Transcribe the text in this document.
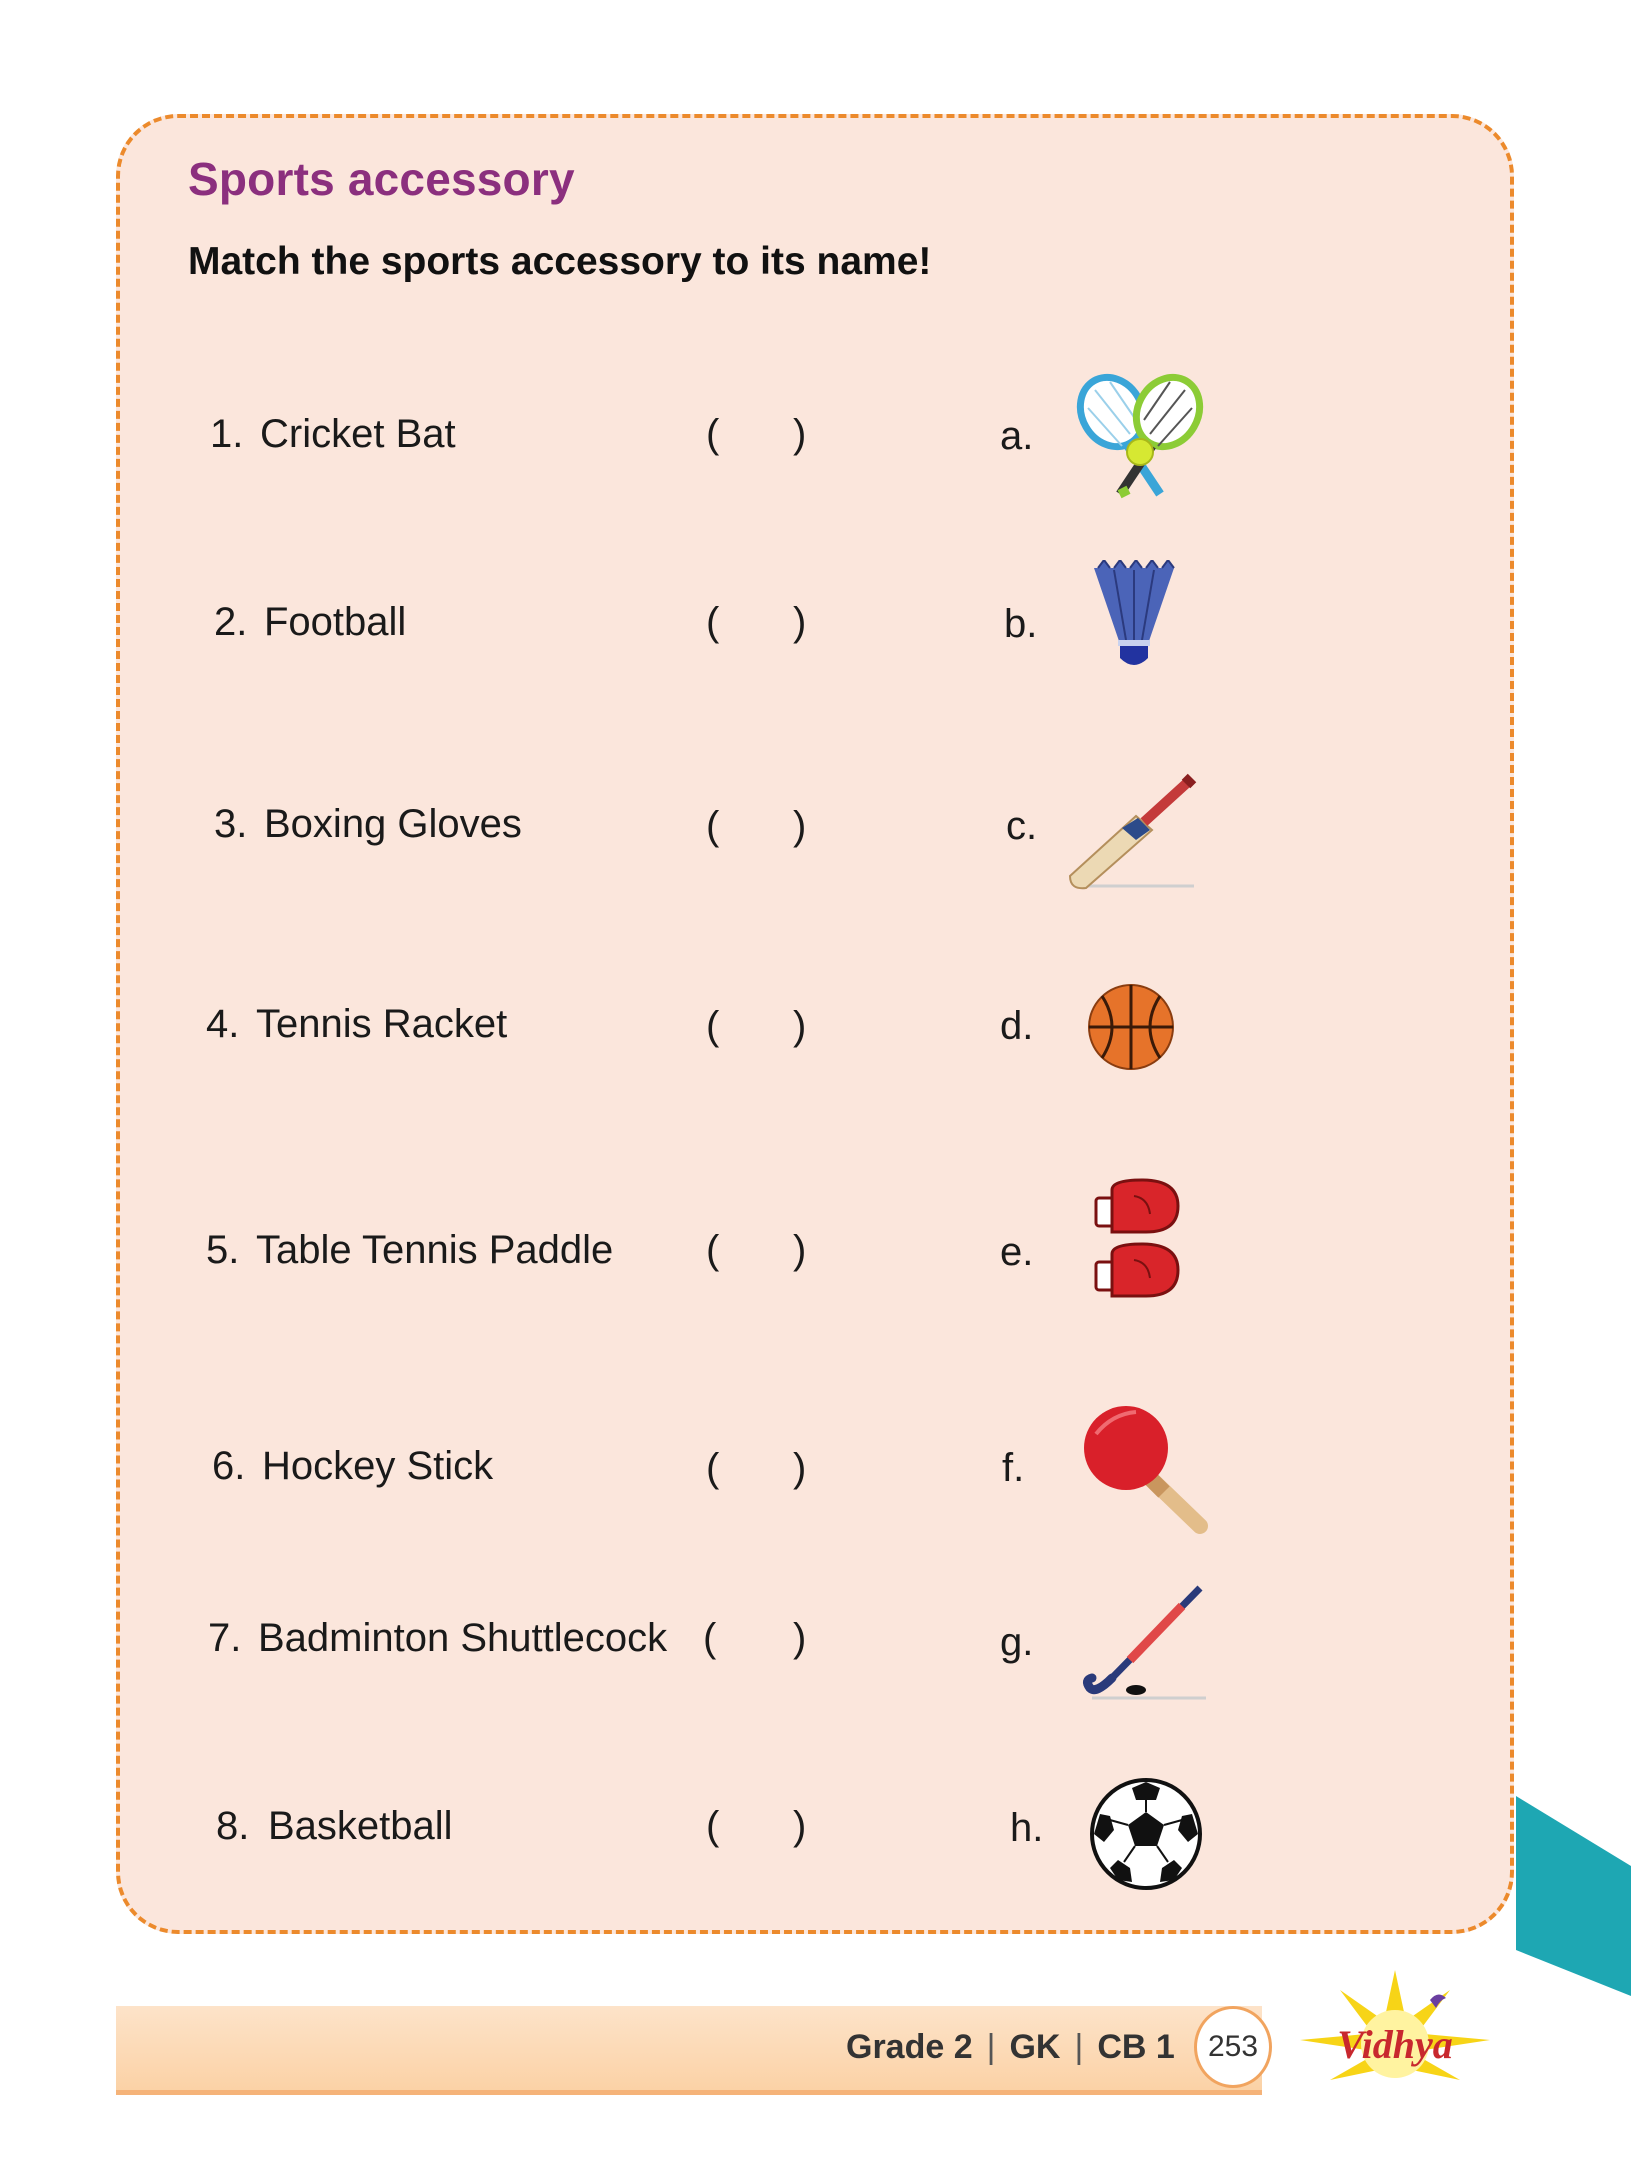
Sports accessory
Match the sports accessory to its name!
1. Cricket Bat	( )	a.
2. Football	( )	b.
3. Boxing Gloves	( )	c.
4. Tennis Racket	( )	d.
5. Table Tennis Paddle ( )	e.
6. Hockey Stick	( )	f.
7. Badminton Shuttlecock ( )	g.
8. Basketball	( )	h.
Grade 2 | GK | CB 1	253	Vidhya
